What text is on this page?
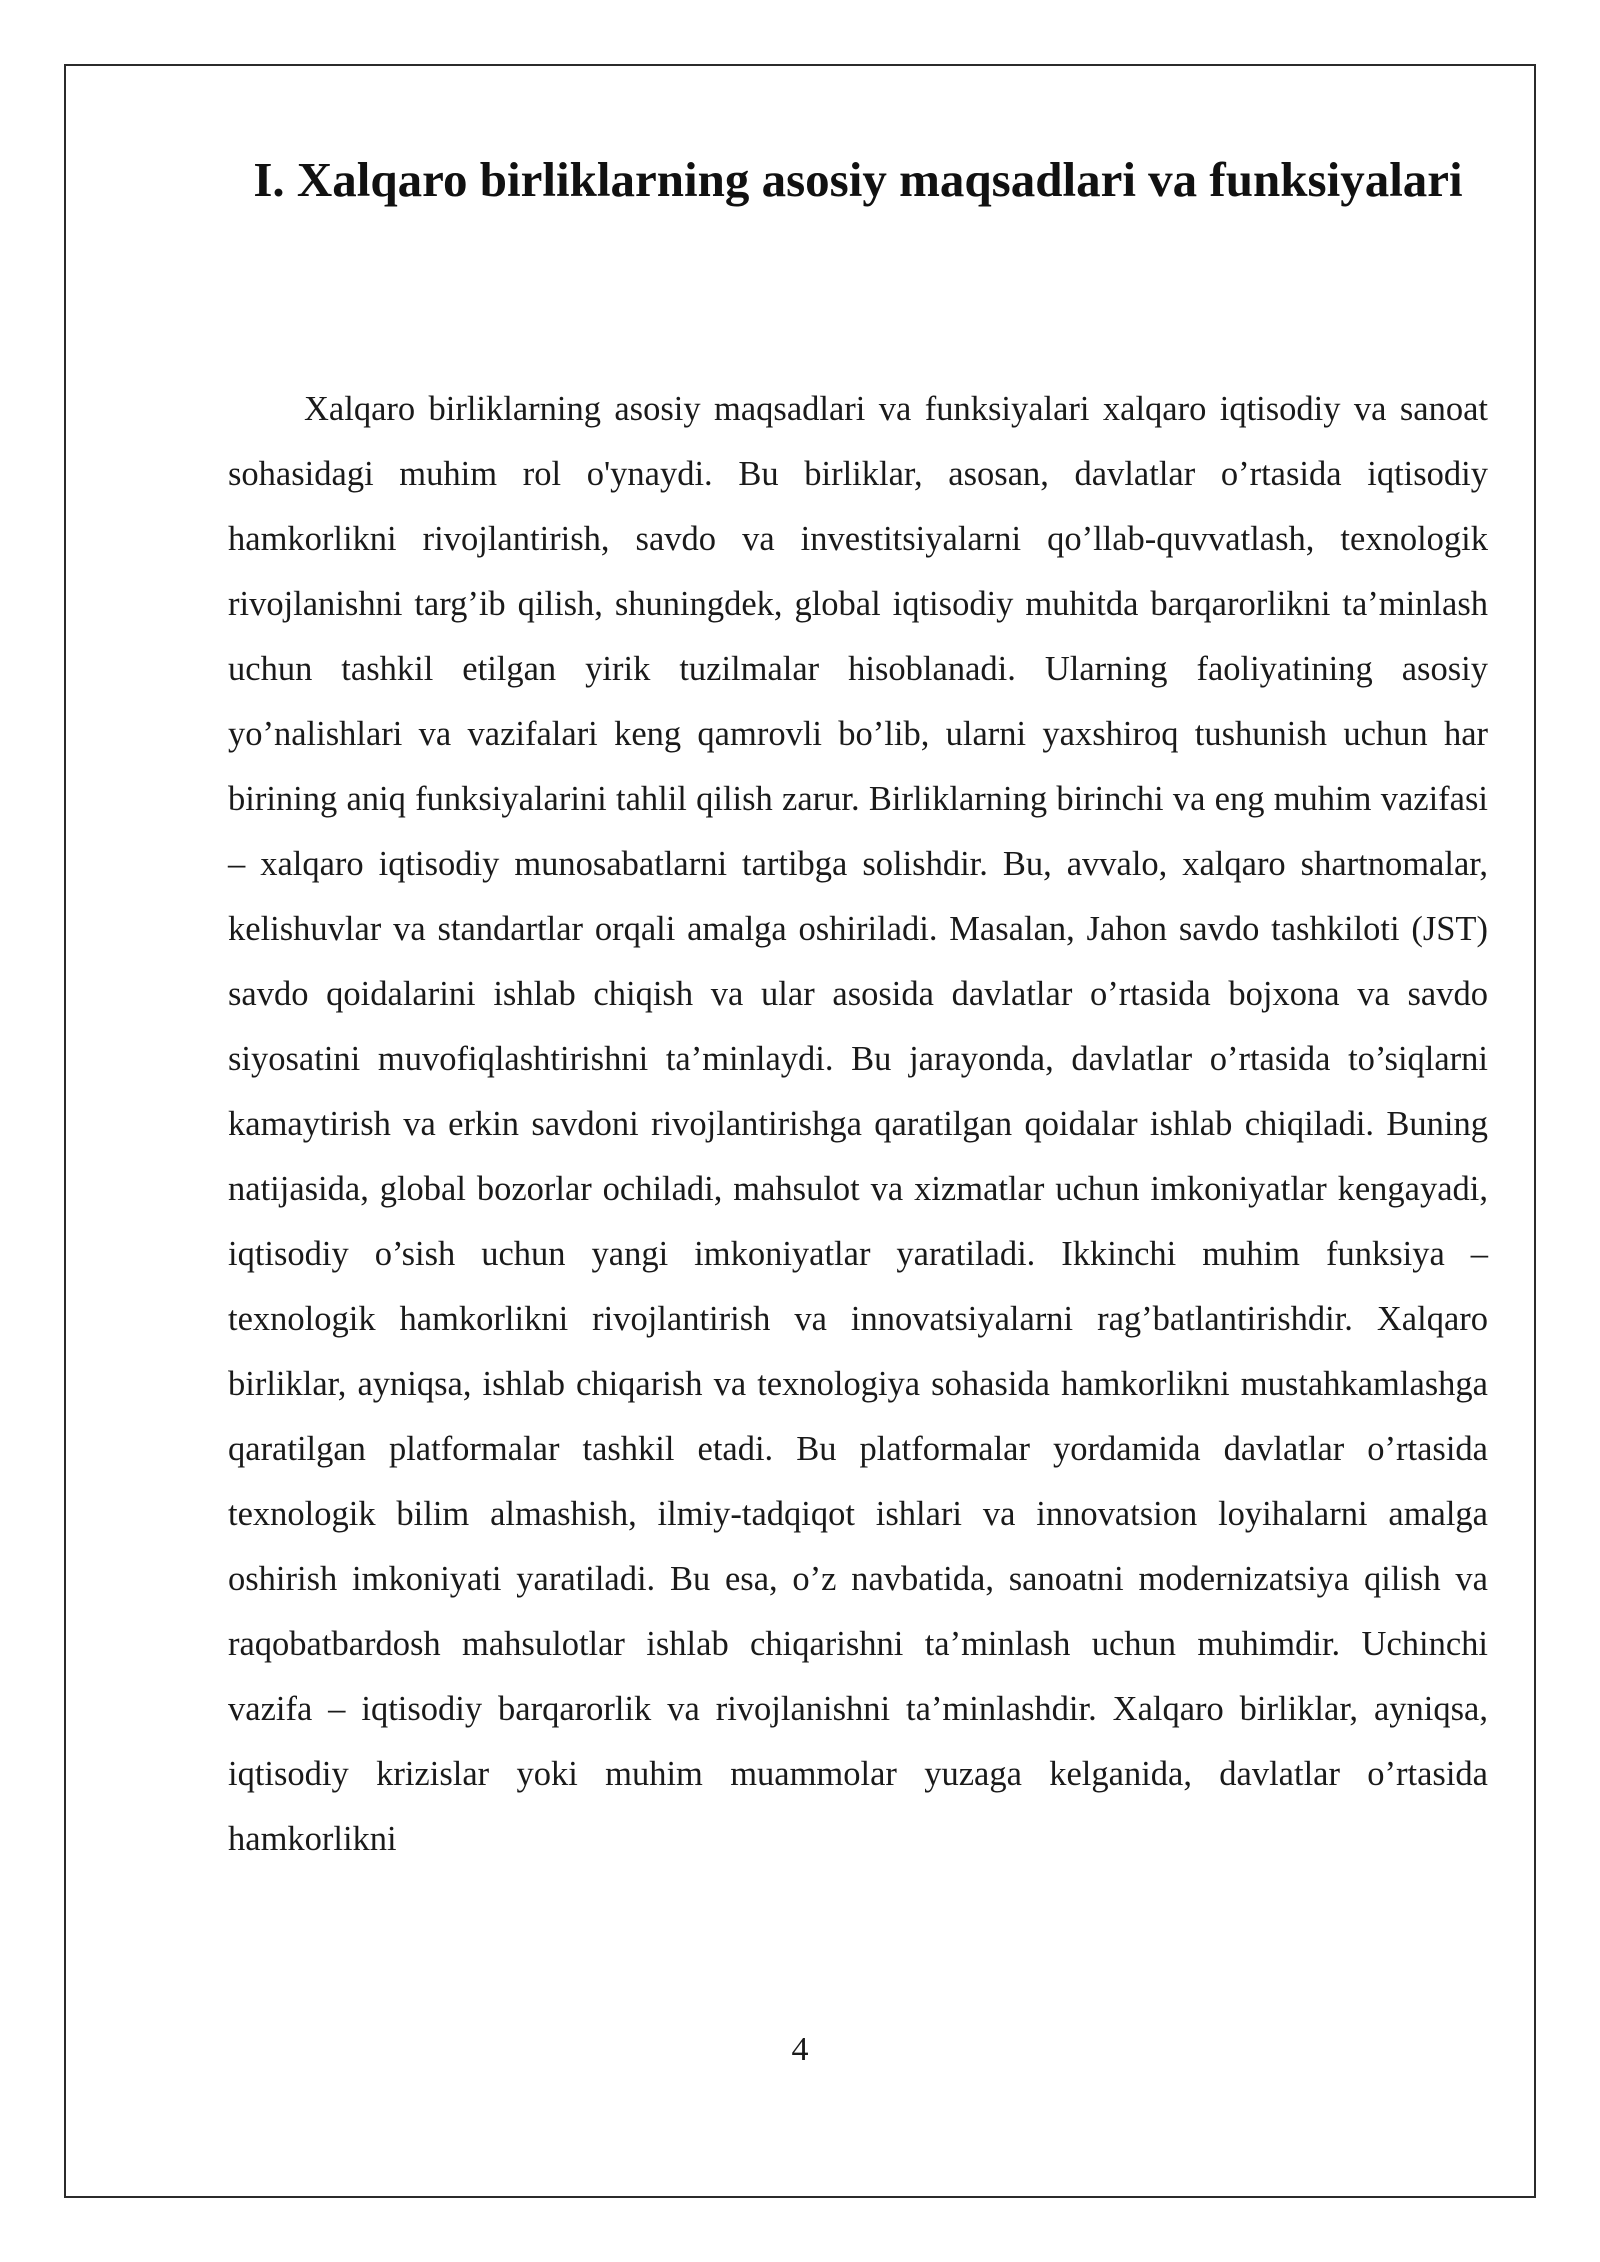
I. Xalqaro birliklarning asosiy maqsadlari va funksiyalari

Xalqaro birliklarning asosiy maqsadlari va funksiyalari xalqaro iqtisodiy va sanoat sohasidagi muhim rol o'ynaydi. Bu birliklar, asosan, davlatlar o’rtasida iqtisodiy hamkorlikni rivojlantirish, savdo va investitsiyalarni qo’llab-quvvatlash, texnologik rivojlanishni targ’ib qilish, shuningdek, global iqtisodiy muhitda barqarorlikni ta’minlash uchun tashkil etilgan yirik tuzilmalar hisoblanadi. Ularning faoliyatining asosiy yo’nalishlari va vazifalari keng qamrovli bo’lib, ularni yaxshiroq tushunish uchun har birining aniq funksiyalarini tahlil qilish zarur. Birliklarning birinchi va eng muhim vazifasi – xalqaro iqtisodiy munosabatlarni tartibga solishdir. Bu, avvalo, xalqaro shartnomalar, kelishuvlar va standartlar orqali amalga oshiriladi. Masalan, Jahon savdo tashkiloti (JST) savdo qoidalarini ishlab chiqish va ular asosida davlatlar o’rtasida bojxona va savdo siyosatini muvofiqlashtirishni ta’minlaydi. Bu jarayonda, davlatlar o’rtasida to’siqlarni kamaytirish va erkin savdoni rivojlantirishga qaratilgan qoidalar ishlab chiqiladi. Buning natijasida, global bozorlar ochiladi, mahsulot va xizmatlar uchun imkoniyatlar kengayadi, iqtisodiy o’sish uchun yangi imkoniyatlar yaratiladi. Ikkinchi muhim funksiya – texnologik hamkorlikni rivojlantirish va innovatsiyalarni rag’batlantirishdir. Xalqaro birliklar, ayniqsa, ishlab chiqarish va texnologiya sohasida hamkorlikni mustahkamlashga qaratilgan platformalar tashkil etadi. Bu platformalar yordamida davlatlar o’rtasida texnologik bilim almashish, ilmiy-tadqiqot ishlari va innovatsion loyihalarni amalga oshirish imkoniyati yaratiladi. Bu esa, o’z navbatida, sanoatni modernizatsiya qilish va raqobatbardosh mahsulotlar ishlab chiqarishni ta’minlash uchun muhimdir. Uchinchi vazifa – iqtisodiy barqarorlik va rivojlanishni ta’minlashdir. Xalqaro birliklar, ayniqsa, iqtisodiy krizislar yoki muhim muammolar yuzaga kelganida, davlatlar o’rtasida hamkorlikni

4
